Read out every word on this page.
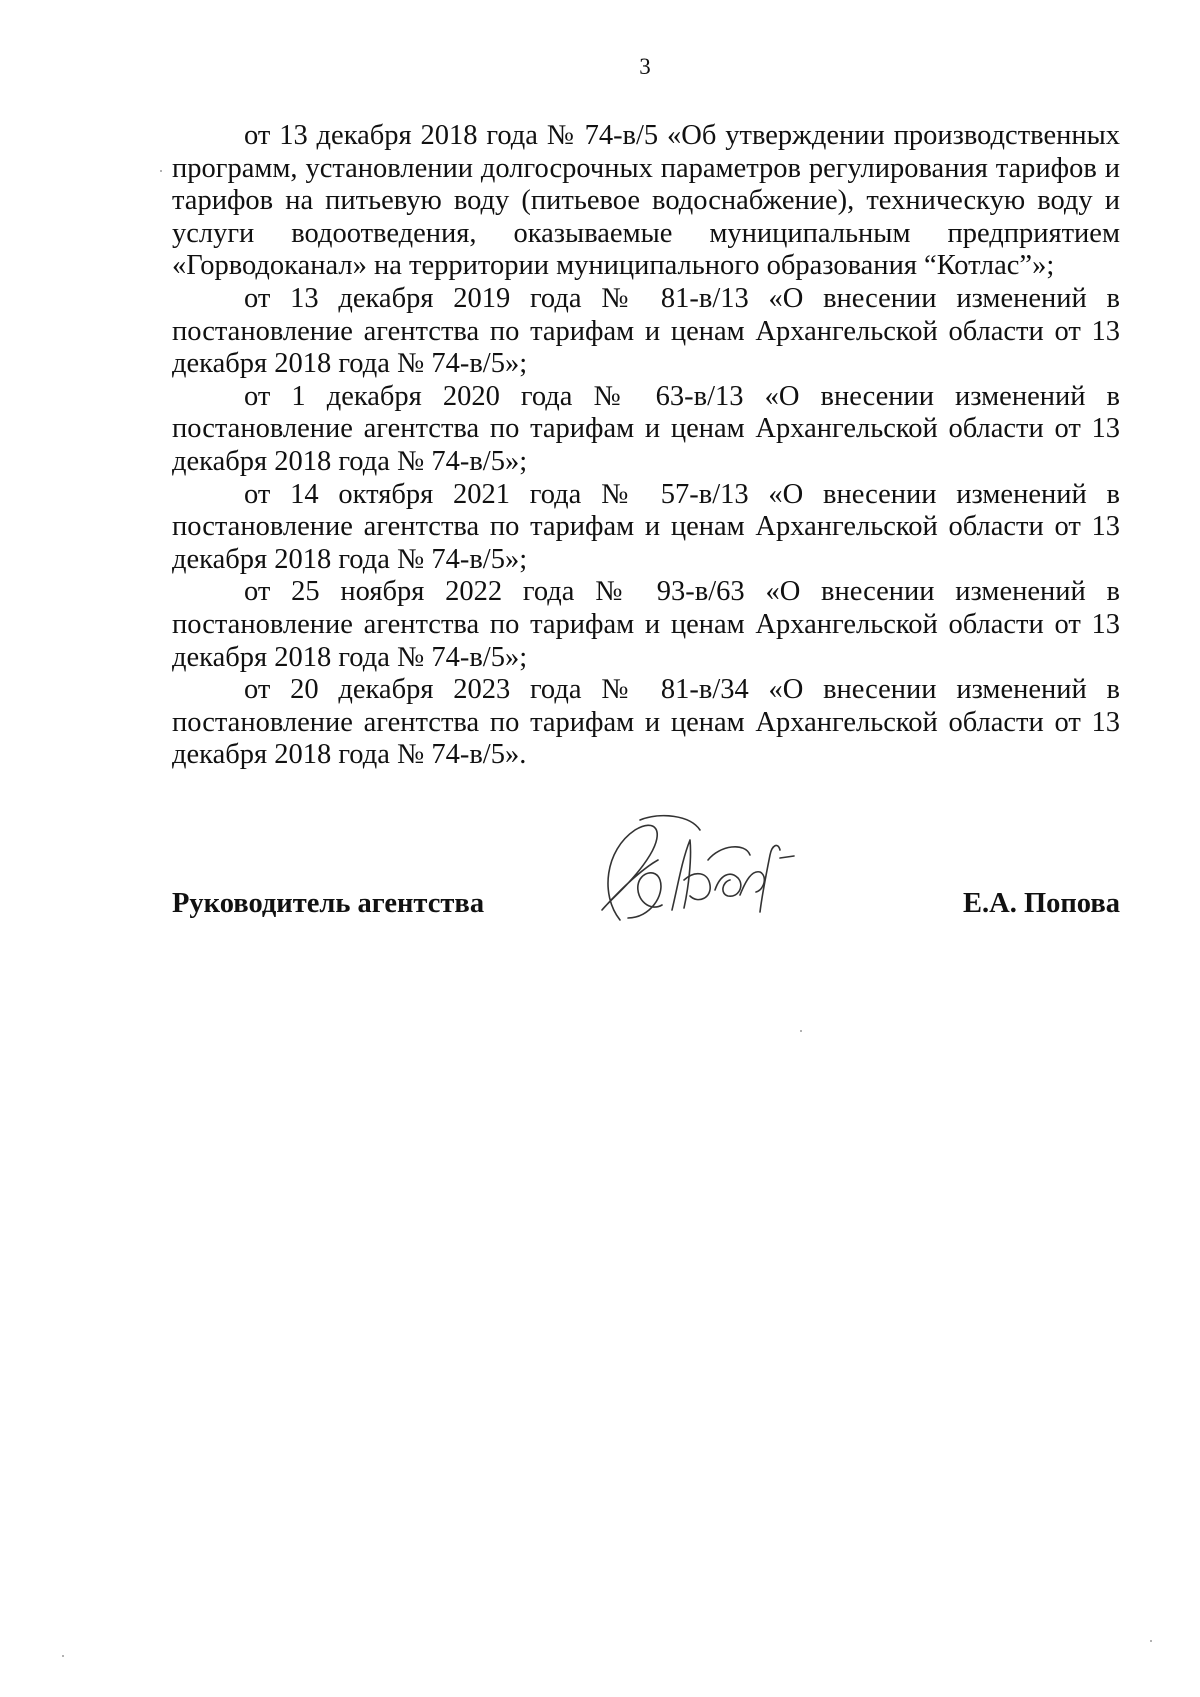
3

от 13 декабря 2018 года № 74-в/5 «Об утверждении производственных программ, установлении долгосрочных параметров регулирования тарифов и тарифов на питьевую воду (питьевое водоснабжение), техническую воду и услуги водоотведения, оказываемые муниципальным предприятием «Горводоканал» на территории муниципального образования “Котлас”»;

от 13 декабря 2019 года № 81-в/13 «О внесении изменений в постановление агентства по тарифам и ценам Архангельской области от 13 декабря 2018 года № 74-в/5»;

от 1 декабря 2020 года № 63-в/13 «О внесении изменений в постановление агентства по тарифам и ценам Архангельской области от 13 декабря 2018 года № 74-в/5»;

от 14 октября 2021 года № 57-в/13 «О внесении изменений в постановление агентства по тарифам и ценам Архангельской области от 13 декабря 2018 года № 74-в/5»;

от 25 ноября 2022 года № 93-в/63 «О внесении изменений в постановление агентства по тарифам и ценам Архангельской области от 13 декабря 2018 года № 74-в/5»;

от 20 декабря 2023 года № 81-в/34 «О внесении изменений в постановление агентства по тарифам и ценам Архангельской области от 13 декабря 2018 года № 74-в/5».

Руководитель агентства	Е.А. Попова
